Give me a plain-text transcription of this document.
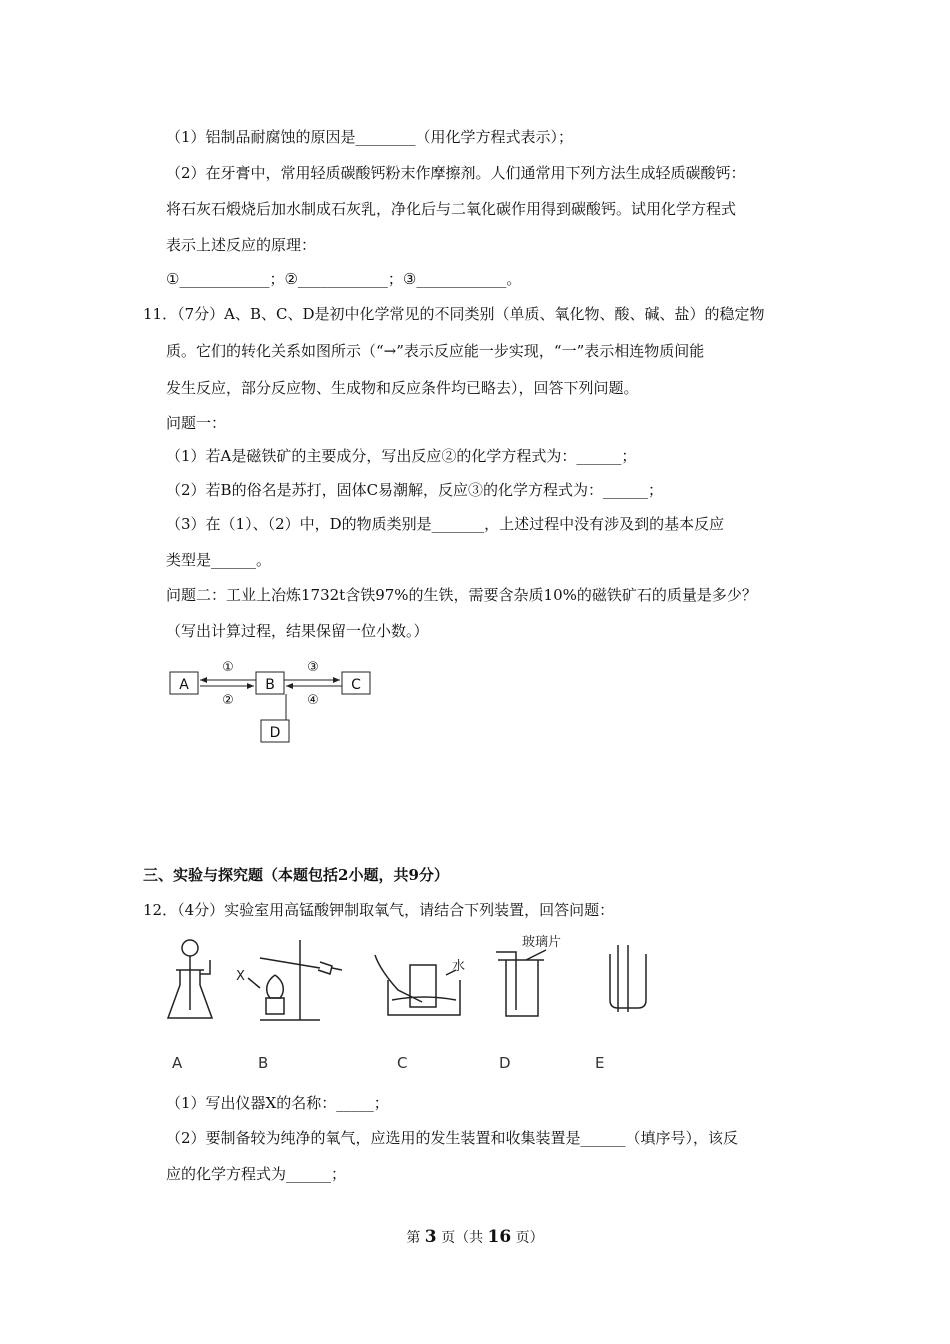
（1）铝制品耐腐蚀的原因是________（用化学方程式表示）；
（2）在牙膏中，常用轻质碳酸钙粉末作摩擦剂。人们通常用下列方法生成轻质碳酸钙：
将石灰石煅烧后加水制成石灰乳，净化后与二氧化碳作用得到碳酸钙。试用化学方程式
表示上述反应的原理：
①____________；②____________；③____________。
11．（7分）A、B、C、D是初中化学常见的不同类别（单质、氧化物、酸、碱、盐）的稳定物
质。它们的转化关系如图所示（“→”表示反应能一步实现，“一”表示相连物质间能
发生反应，部分反应物、生成物和反应条件均已略去），回答下列问题。
问题一：
（1）若A是磁铁矿的主要成分，写出反应②的化学方程式为：______；
（2）若B的俗名是苏打，固体C易潮解，反应③的化学方程式为：______；
（3）在（1）、（2）中，D的物质类别是_______，上述过程中没有涉及到的基本反应
类型是______。
问题二：工业上冶炼1732t含铁97%的生铁，需要含杂质10%的磁铁矿石的质量是多少？
（写出计算过程，结果保留一位小数。）
A	B	C
D
①
②
③
④
三、实验与探究题（本题包括2小题，共9分）
12．（4分）实验室用高锰酸钾制取氧气，请结合下列装置，回答问题：
X
水
玻璃片
A	B	C	D	E
（1）写出仪器X的名称：_____；
（2）要制备较为纯净的氧气，应选用的发生装置和收集装置是______（填序号），该反
应的化学方程式为______；
第 3 页（共 16 页）
